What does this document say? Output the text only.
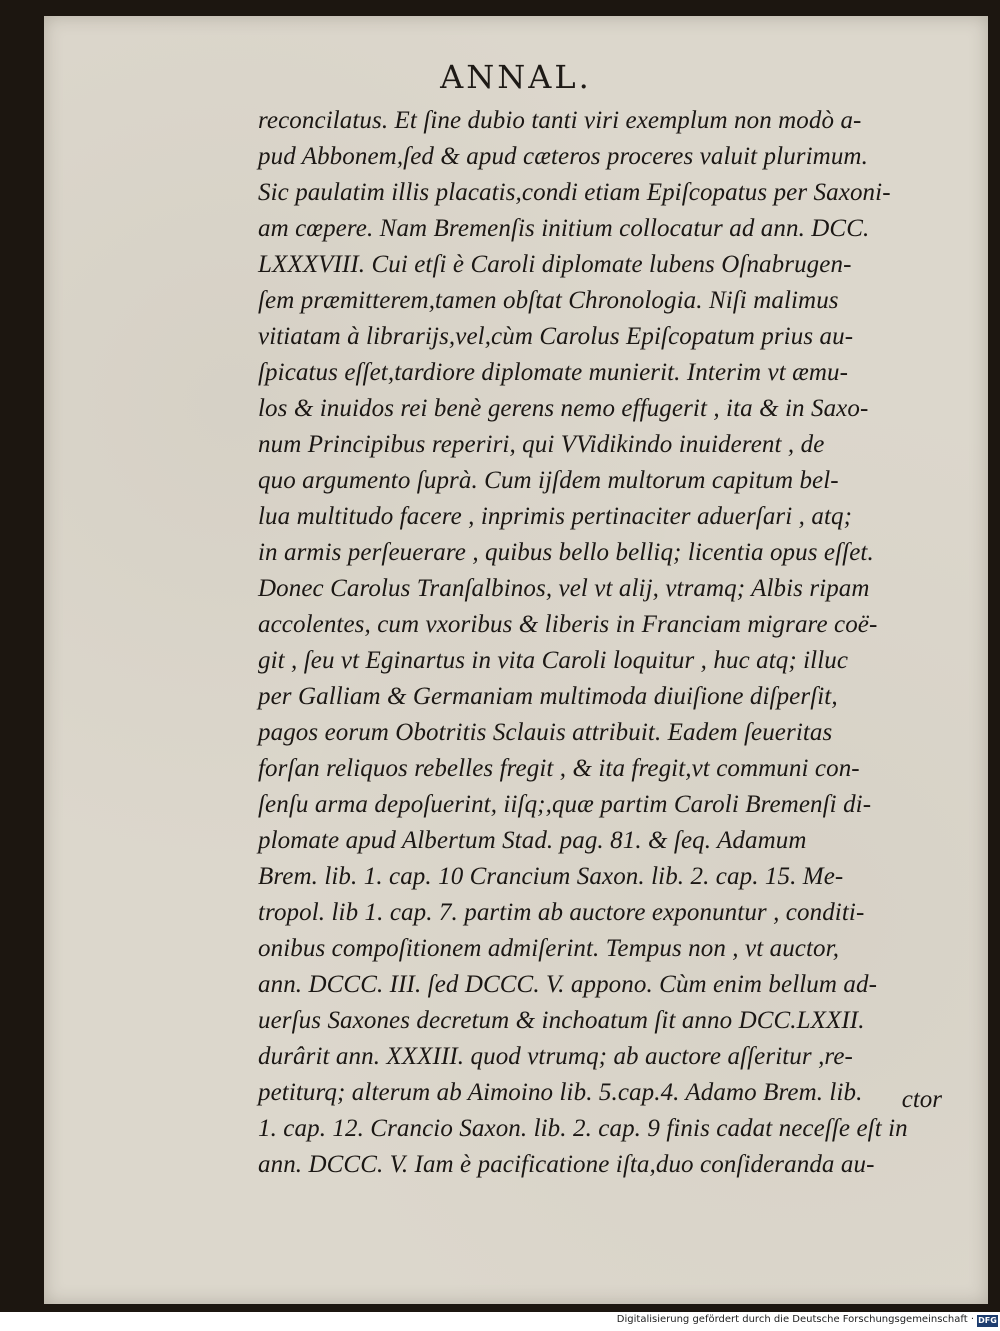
ANNAL.
reconcilatus. Et ſine dubio tanti viri exemplum non modò a-
pud Abbonem,ſed & apud cæteros proceres valuit plurimum.
Sic paulatim illis placatis,condi etiam Epiſcopatus per Saxoni-
am cœpere. Nam Bremenſis initium collocatur ad ann. DCC.
LXXXVIII. Cui etſi è Caroli diplomate lubens Oſnabrugen-
ſem præmitterem,tamen obſtat Chronologia. Niſi malimus
vitiatam à librarijs,vel,cùm Carolus Epiſcopatum prius au-
ſpicatus eſſet,tardiore diplomate munierit. Interim vt æmu-
los & inuidos rei benè gerens nemo effugerit , ita & in Saxo-
num Principibus reperiri, qui VVidikindo inuiderent , de
quo argumento ſuprà. Cum ijſdem multorum capitum bel-
lua multitudo facere , inprimis pertinaciter aduerſari , atq;
in armis perſeuerare , quibus bello belliq; licentia opus eſſet.
Donec Carolus Tranſalbinos, vel vt alij, vtramq; Albis ripam
accolentes, cum vxoribus & liberis in Franciam migrare coë-
git , ſeu vt Eginartus in vita Caroli loquitur , huc atq; illuc
per Galliam & Germaniam multimoda diuiſione diſperſit,
pagos eorum Obotritis Sclauis attribuit. Eadem ſeueritas
forſan reliquos rebelles fregit , & ita fregit,vt communi con-
ſenſu arma depoſuerint, iiſq;,quæ partim Caroli Bremenſi di-
plomate apud Albertum Stad. pag. 81. & ſeq. Adamum
Brem. lib. 1. cap. 10 Crancium Saxon. lib. 2. cap. 15. Me-
tropol. lib 1. cap. 7. partim ab auctore exponuntur , conditi-
onibus compoſitionem admiſerint. Tempus non , vt auctor,
ann. DCCC. III. ſed DCCC. V. appono. Cùm enim bellum ad-
uerſus Saxones decretum & inchoatum ſit anno DCC.LXXII.
durârit ann. XXXIII. quod vtrumq; ab auctore aſſeritur ,re-
petiturq; alterum ab Aimoino lib. 5.cap.4. Adamo Brem. lib.
1. cap. 12. Crancio Saxon. lib. 2. cap. 9 finis cadat neceſſe eſt in
ann. DCCC. V. Iam è pacificatione iſta,duo conſideranda au-
ctor
Digitalisierung gefördert durch die Deutsche Forschungsgemeinschaft · DFG
